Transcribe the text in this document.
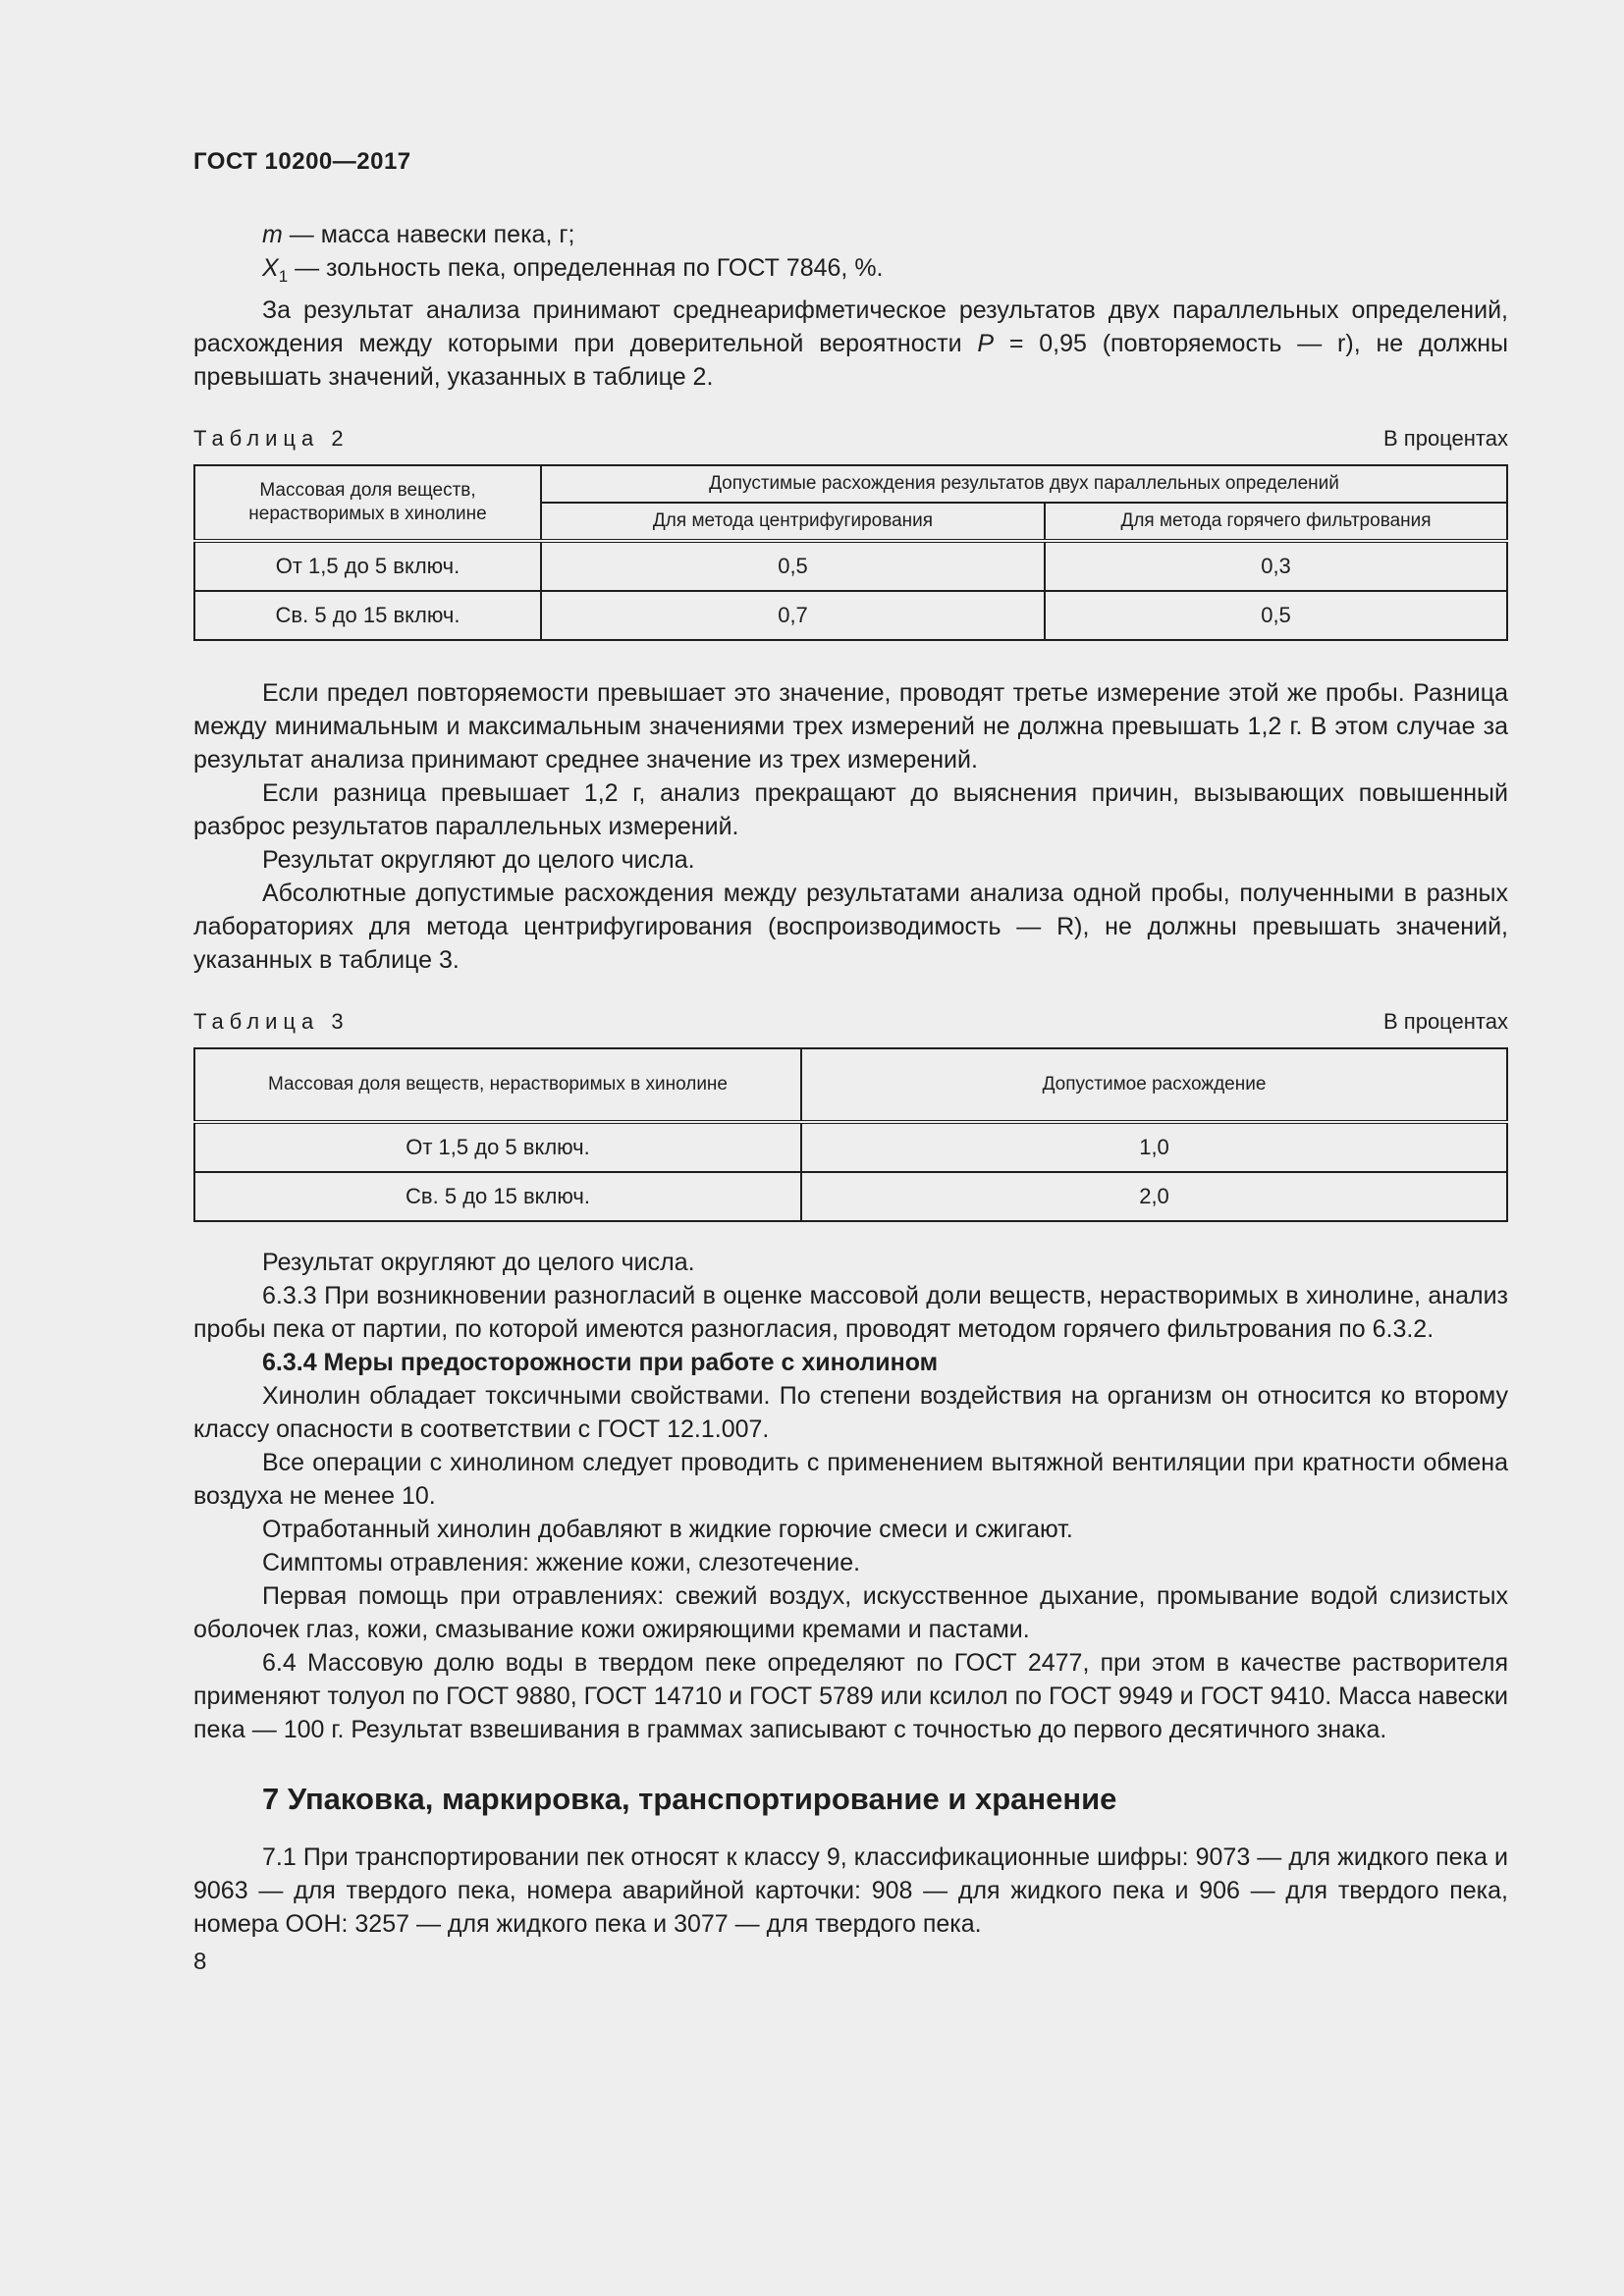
ГОСТ 10200—2017

m — масса навески пека, г;

$X_1$ — зольность пека, определенная по ГОСТ 7846, %.

За результат анализа принимают среднеарифметическое результатов двух параллельных определений, расхождения между которыми при доверительной вероятности P = 0,95 (повторяемость — r), не должны превышать значений, указанных в таблице 2.

Таблица 2	В процентах
Массовая доля веществ, нерастворимых в хинолине	Допустимые расхождения результатов двух параллельных определений	
	Для метода центрифугирования	Для метода горячего фильтрования
От 1,5 до 5 включ.	0,5	0,3
Св. 5 до 15 включ.	0,7	0,5

Если предел повторяемости превышает это значение, проводят третье измерение этой же пробы. Разница между минимальным и максимальным значениями трех измерений не должна превышать 1,2 г. В этом случае за результат анализа принимают среднее значение из трех измерений.

Если разница превышает 1,2 г, анализ прекращают до выяснения причин, вызывающих повышенный разброс результатов параллельных измерений.

Результат округляют до целого числа.

Абсолютные допустимые расхождения между результатами анализа одной пробы, полученными в разных лабораториях для метода центрифугирования (воспроизводимость — R), не должны превышать значений, указанных в таблице 3.

Таблица 3	В процентах
Массовая доля веществ, нерастворимых в хинолине	Допустимое расхождение
От 1,5 до 5 включ.	1,0
Св. 5 до 15 включ.	2,0

Результат округляют до целого числа.

6.3.3 При возникновении разногласий в оценке массовой доли веществ, нерастворимых в хинолине, анализ пробы пека от партии, по которой имеются разногласия, проводят методом горячего фильтрования по 6.3.2.

6.3.4 Меры предосторожности при работе с хинолином

Хинолин обладает токсичными свойствами. По степени воздействия на организм он относится ко второму классу опасности в соответствии с ГОСТ 12.1.007.

Все операции с хинолином следует проводить с применением вытяжной вентиляции при кратности обмена воздуха не менее 10.

Отработанный хинолин добавляют в жидкие горючие смеси и сжигают.

Симптомы отравления: жжение кожи, слезотечение.

Первая помощь при отравлениях: свежий воздух, искусственное дыхание, промывание водой слизистых оболочек глаз, кожи, смазывание кожи ожиряющими кремами и пастами.

6.4 Массовую долю воды в твердом пеке определяют по ГОСТ 2477, при этом в качестве растворителя применяют толуол по ГОСТ 9880, ГОСТ 14710 и ГОСТ 5789 или ксилол по ГОСТ 9949 и ГОСТ 9410. Масса навески пека — 100 г. Результат взвешивания в граммах записывают с точностью до первого десятичного знака.

7 Упаковка, маркировка, транспортирование и хранение

7.1 При транспортировании пек относят к классу 9, классификационные шифры: 9073 — для жидкого пека и 9063 — для твердого пека, номера аварийной карточки: 908 — для жидкого пека и 906 — для твердого пека, номера ООН: 3257 — для жидкого пека и 3077 — для твердого пека.

8
